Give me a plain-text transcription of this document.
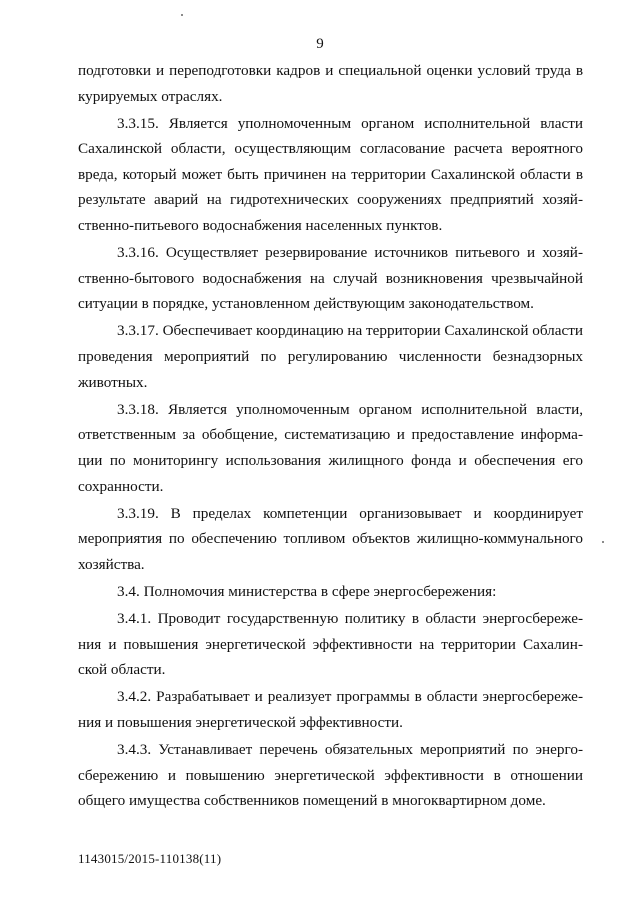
9

подготовки и переподготовки кадров и специальной оценки условий труда в курируемых отраслях.

3.3.15. Является уполномоченным органом исполнительной власти Сахалинской области, осуществляющим согласование расчета вероятного вреда, который может быть причинен на территории Сахалинской области в результате аварий на гидротехнических сооружениях предприятий хозяйственно-питьевого водоснабжения населенных пунктов.

3.3.16. Осуществляет резервирование источников питьевого и хозяйственно-бытового водоснабжения на случай возникновения чрезвычайной ситуации в порядке, установленном действующим законодательством.

3.3.17. Обеспечивает координацию на территории Сахалинской области проведения мероприятий по регулированию численности безнадзорных животных.

3.3.18. Является уполномоченным органом исполнительной власти, ответственным за обобщение, систематизацию и предоставление информации по мониторингу использования жилищного фонда и обеспечения его сохранности.

3.3.19. В пределах компетенции организовывает и координирует мероприятия по обеспечению топливом объектов жилищно-коммунального хозяйства.

3.4. Полномочия министерства в сфере энергосбережения:

3.4.1. Проводит государственную политику в области энергосбережения и повышения энергетической эффективности на территории Сахалинской области.

3.4.2. Разрабатывает и реализует программы в области энергосбережения и повышения энергетической эффективности.

3.4.3. Устанавливает перечень обязательных мероприятий по энергосбережению и повышению энергетической эффективности в отношении общего имущества собственников помещений в многоквартирном доме.

1143015/2015-110138(11)
